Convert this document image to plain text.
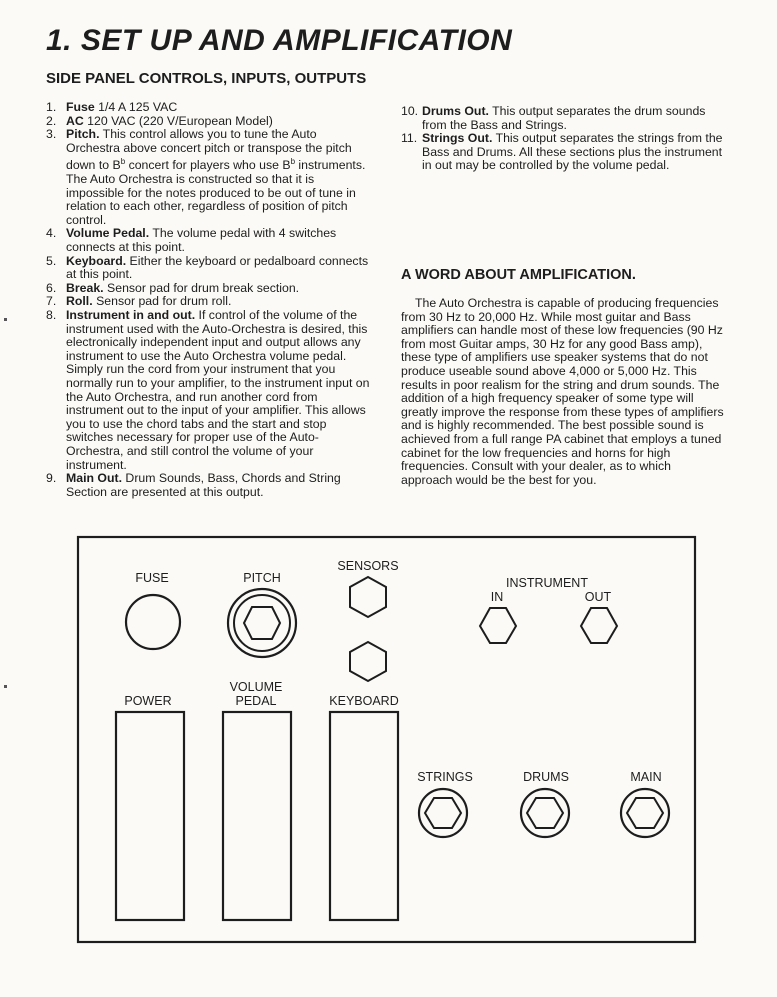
1. SET UP AND AMPLIFICATION
SIDE PANEL CONTROLS, INPUTS, OUTPUTS
1. Fuse 1/4 A 125 VAC
2. AC 120 VAC (220 V/European Model)
3. Pitch. This control allows you to tune the Auto Orchestra above concert pitch or transpose the pitch down to $B^b$ concert for players who use $B^b$ instruments. The Auto Orchestra is constructed so that it is impossible for the notes produced to be out of tune in relation to each other, regardless of position of pitch control.
4. Volume Pedal. The volume pedal with 4 switches connects at this point.
5. Keyboard. Either the keyboard or pedalboard connects at this point.
6. Break. Sensor pad for drum break section.
7. Roll. Sensor pad for drum roll.
8. Instrument in and out. If control of the volume of the instrument used with the Auto-Orchestra is desired, this electronically independent input and output allows any instrument to use the Auto Orchestra volume pedal. Simply run the cord from your instrument that you normally run to your amplifier, to the instrument input on the Auto Orchestra, and run another cord from instrument out to the input of your amplifier. This allows you to use the chord tabs and the start and stop switches necessary for proper use of the Auto-Orchestra, and still control the volume of your instrument.
9. Main Out. Drum Sounds, Bass, Chords and String Section are presented at this output.
10. Drums Out. This output separates the drum sounds from the Bass and Strings.
11. Strings Out. This output separates the strings from the Bass and Drums. All these sections plus the instrument in out may be controlled by the volume pedal.
A WORD ABOUT AMPLIFICATION.

The Auto Orchestra is capable of producing frequencies from 30 Hz to 20,000 Hz. While most guitar and Bass amplifiers can handle most of these low frequencies (90 Hz from most Guitar amps, 30 Hz for any good Bass amp), these type of amplifiers use speaker systems that do not produce useable sound above 4,000 or 5,000 Hz. This results in poor realism for the string and drum sounds. The addition of a high frequency speaker of some type will greatly improve the response from these types of amplifiers and is highly recommended. The best possible sound is achieved from a full range PA cabinet that employs a tuned cabinet for the low frequencies and horns for high frequencies. Consult with your dealer, as to which approach would be the best for you.

FUSE	PITCH
SENSORS
INSTRUMENT
IN	OUT
POWER
VOLUME
PEDAL	KEYBOARD
STRINGS	DRUMS	MAIN
